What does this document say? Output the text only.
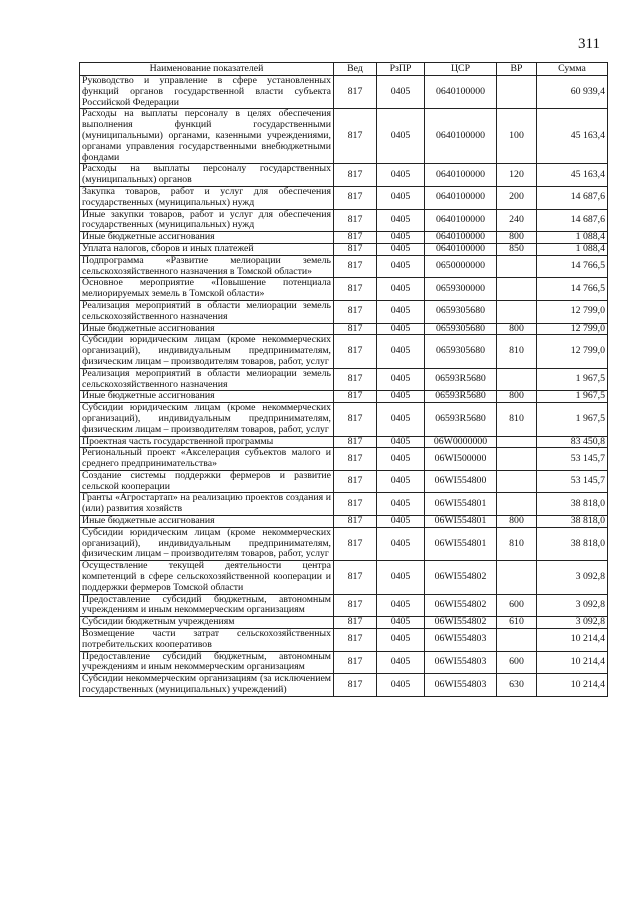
311
Наименование показателей	Вед	РзПР	ЦСР	ВР	Сумма
Руководство и управление в сфере установленных функций органов государственной власти субъекта Российской Федерации	817	0405	0640100000		60 939,4
Расходы на выплаты персоналу в целях обеспечения выполнения функций государственными (муниципальными) органами, казенными учреждениями, органами управления государственными внебюджетными фондами	817	0405	0640100000	100	45 163,4
Расходы на выплаты персоналу государственных (муниципальных) органов	817	0405	0640100000	120	45 163,4
Закупка товаров, работ и услуг для обеспечения государственных (муниципальных) нужд	817	0405	0640100000	200	14 687,6
Иные закупки товаров, работ и услуг для обеспечения государственных (муниципальных) нужд	817	0405	0640100000	240	14 687,6
Иные бюджетные ассигнования	817	0405	0640100000	800	1 088,4
Уплата налогов, сборов и иных платежей	817	0405	0640100000	850	1 088,4
Подпрограмма «Развитие мелиорации земель сельскохозяйственного назначения в Томской области»	817	0405	0650000000		14 766,5
Основное мероприятие «Повышение потенциала мелиорируемых земель в Томской области»	817	0405	0659300000		14 766,5
Реализация мероприятий в области мелиорации земель сельскохозяйственного назначения	817	0405	0659305680		12 799,0
Иные бюджетные ассигнования	817	0405	0659305680	800	12 799,0
Субсидии юридическим лицам (кроме некоммерческих организаций), индивидуальным предпринимателям, физическим лицам – производителям товаров, работ, услуг	817	0405	0659305680	810	12 799,0
Реализация мероприятий в области мелиорации земель сельскохозяйственного назначения	817	0405	06593R5680		1 967,5
Иные бюджетные ассигнования	817	0405	06593R5680	800	1 967,5
Субсидии юридическим лицам (кроме некоммерческих организаций), индивидуальным предпринимателям, физическим лицам – производителям товаров, работ, услуг	817	0405	06593R5680	810	1 967,5
Проектная часть государственной программы	817	0405	06W0000000		83 450,8
Региональный проект «Акселерация субъектов малого и среднего предпринимательства»	817	0405	06WI500000		53 145,7
Создание системы поддержки фермеров и развитие сельской кооперации	817	0405	06WI554800		53 145,7
Гранты «Агростартап» на реализацию проектов создания и (или) развития хозяйств	817	0405	06WI554801		38 818,0
Иные бюджетные ассигнования	817	0405	06WI554801	800	38 818,0
Субсидии юридическим лицам (кроме некоммерческих организаций), индивидуальным предпринимателям, физическим лицам – производителям товаров, работ, услуг	817	0405	06WI554801	810	38 818,0
Осуществление текущей деятельности центра компетенций в сфере сельскохозяйственной кооперации и поддержки фермеров Томской области	817	0405	06WI554802		3 092,8
Предоставление субсидий бюджетным, автономным учреждениям и иным некоммерческим организациям	817	0405	06WI554802	600	3 092,8
Субсидии бюджетным учреждениям	817	0405	06WI554802	610	3 092,8
Возмещение части затрат сельскохозяйственных потребительских кооперативов	817	0405	06WI554803		10 214,4
Предоставление субсидий бюджетным, автономным учреждениям и иным некоммерческим организациям	817	0405	06WI554803	600	10 214,4
Субсидии некоммерческим организациям (за исключением государственных (муниципальных) учреждений)	817	0405	06WI554803	630	10 214,4
